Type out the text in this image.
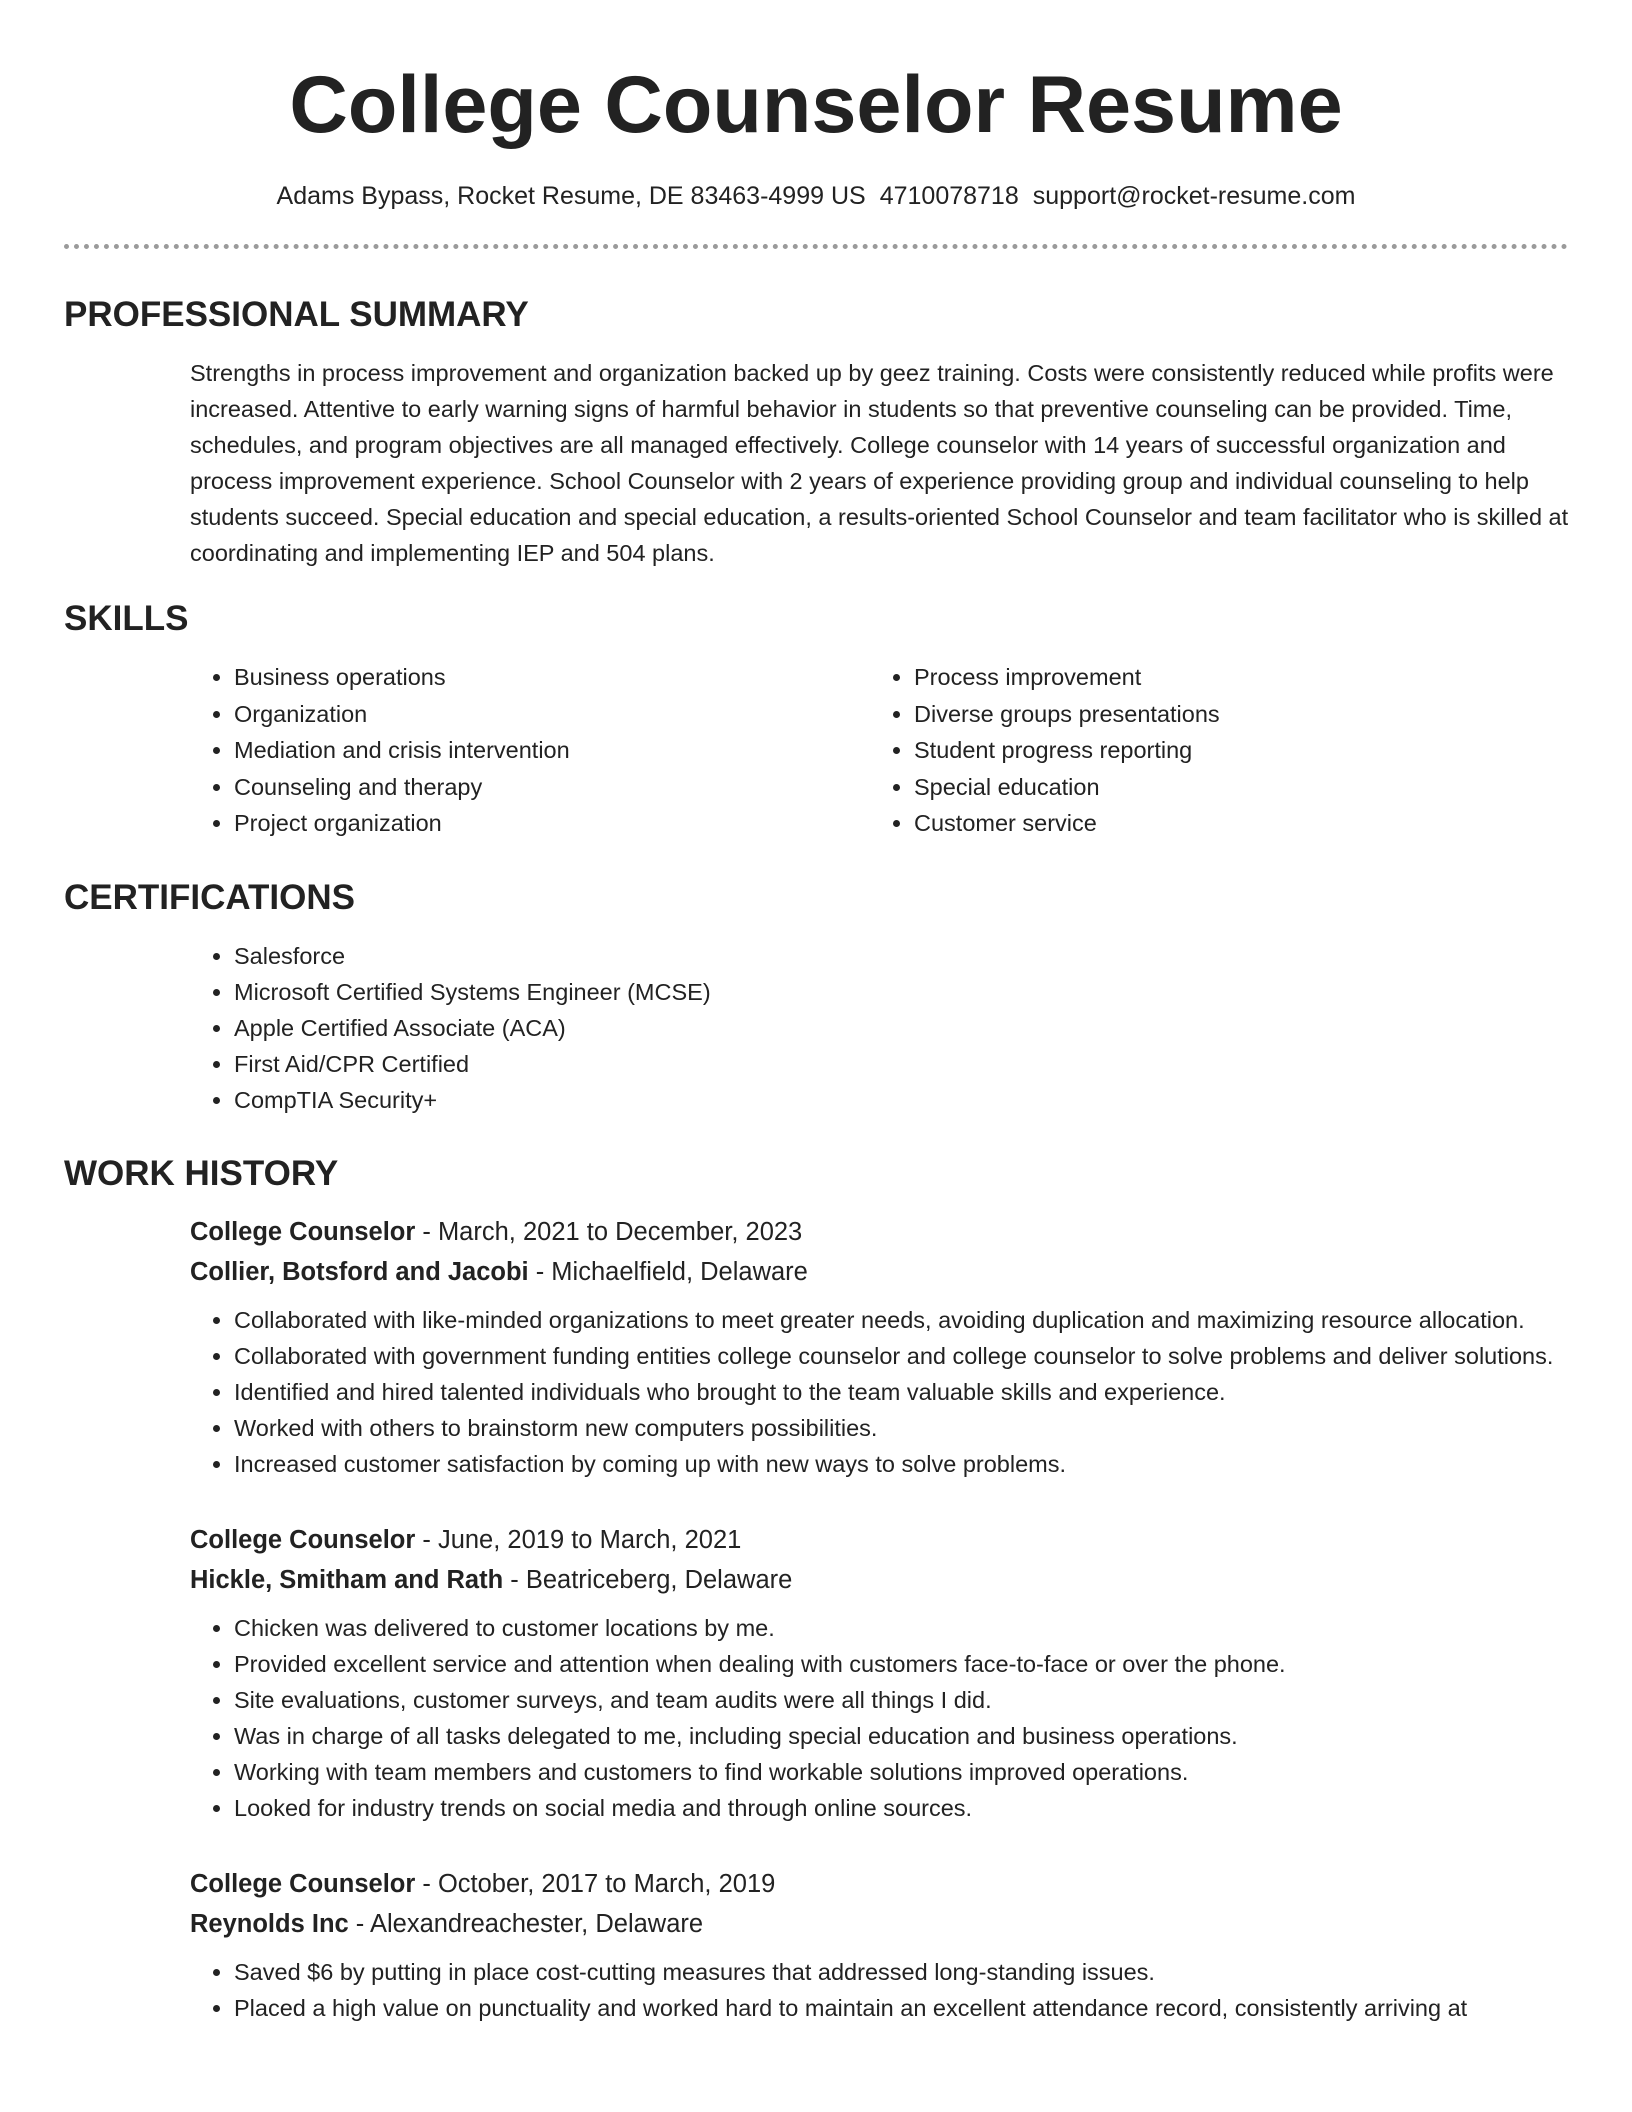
College Counselor Resume
Adams Bypass, Rocket Resume, DE 83463-4999 US 4710078718 support@rocket-resume.com
PROFESSIONAL SUMMARY

Strengths in process improvement and organization backed up by geez training. Costs were consistently reduced while profits were increased. Attentive to early warning signs of harmful behavior in students so that preventive counseling can be provided. Time, schedules, and program objectives are all managed effectively. College counselor with 14 years of successful organization and process improvement experience. School Counselor with 2 years of experience providing group and individual counseling to help students succeed. Special education and special education, a results-oriented School Counselor and team facilitator who is skilled at coordinating and implementing IEP and 504 plans.

SKILLS
• Business operations
• Organization
• Mediation and crisis intervention
• Counseling and therapy
• Project organization
• Process improvement
• Diverse groups presentations
• Student progress reporting
• Special education
• Customer service
CERTIFICATIONS
• Salesforce
• Microsoft Certified Systems Engineer (MCSE)
• Apple Certified Associate (ACA)
• First Aid/CPR Certified
• CompTIA Security+
WORK HISTORY
College Counselor - March, 2021 to December, 2023
Collier, Botsford and Jacobi - Michaelfield, Delaware
• Collaborated with like-minded organizations to meet greater needs, avoiding duplication and maximizing resource allocation.
• Collaborated with government funding entities college counselor and college counselor to solve problems and deliver solutions.
• Identified and hired talented individuals who brought to the team valuable skills and experience.
• Worked with others to brainstorm new computers possibilities.
• Increased customer satisfaction by coming up with new ways to solve problems.
College Counselor - June, 2019 to March, 2021
Hickle, Smitham and Rath - Beatriceberg, Delaware
• Chicken was delivered to customer locations by me.
• Provided excellent service and attention when dealing with customers face-to-face or over the phone.
• Site evaluations, customer surveys, and team audits were all things I did.
• Was in charge of all tasks delegated to me, including special education and business operations.
• Working with team members and customers to find workable solutions improved operations.
• Looked for industry trends on social media and through online sources.
College Counselor - October, 2017 to March, 2019
Reynolds Inc - Alexandreachester, Delaware
• Saved $6 by putting in place cost-cutting measures that addressed long-standing issues.
• Placed a high value on punctuality and worked hard to maintain an excellent attendance record, consistently arriving at
